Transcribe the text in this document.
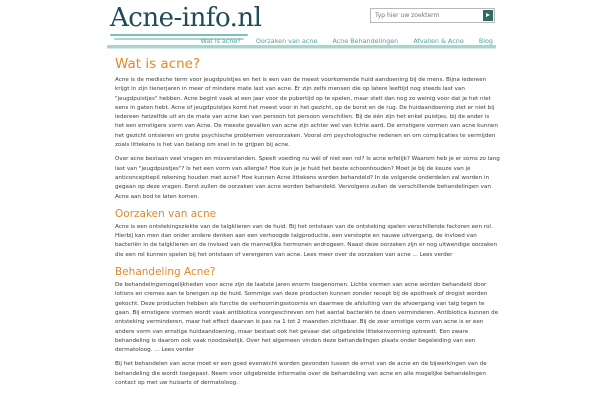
Acne-info.nl
Typ hier uw zoekterm
Wat is acne? Oorzaken van acne Acne Behandelingen Afvallen & Acne Blog
Wat is acne?

Acne is de medische term voor jeugdpuistjes en het is een van de meest voorkomende huid aandoening bij de mens. Bijna iedereen krijgt in zijn tienerjaren in meer of mindere mate last van acne. Er zijn zelfs mensen die op latere leeftijd nog steeds last van "jeugdpuistjes" hebben. Acne begint vaak al een jaar voor de pubertijd op te spelen, maar stelt dan nog zo weinig voor dat je het niet eens in gaten hebt. Acne of jeugdpuistjes komt het meest voor in het gezicht, op de borst en de rug. De huidaandoening ziet er niet bij iedereen hetzelfde uit en de mate van acne kan van persoon tot persoon verschillen. Bij de één zijn het enkel puistjes, bij de ander is het een ernstigere vorm van Acne. De meeste gevallen van acne zijn achter wel van lichte aard. De ernstigere vormen van acne kunnen het gezicht ontsieren en grote psychische problemen veroorzaken. Vooral om psychologische redenen en om complicaties te vermijden zoals littekens is het van belang om snel in te grijpen bij acne.

Over acne bestaan veel vragen en misverstanden. Speelt voeding nu wél of niet een rol? Is acne erfelijk? Waarom heb je er soms zo lang last van "jeugdpuistjes"? Is het een vorm van allergie? Hoe kun je je huid het beste schoonhouden? Moet je bij de keuze van je anticonceptiepil rekening houden met acne? Hoe kunnen Acne littekens worden behandeld? In de volgende onderdelen zal worden in gegaan op deze vragen. Eerst zullen de oorzaken van acne worden behandeld. Vervolgens zullen de verschillende behandelingen van Acne aan bod te laten komen.

Oorzaken van acne

Acne is een ontstekingsziekte van de talgklieren van de huid. Bij het ontstaan van de ontsteking spelen verschillende factoren een rol. Hierbij kan men dan onder andere denken aan een verhoogde talgproductie, een verstopte en nauwe uitvergang, de invloed van bacteriën in de talgklieren en de invloed van de mannelijke hormonen androgeen. Naast deze oorzaken zijn er nog uitwendige oorzaken die een rol kunnen spelen bij het ontstaan of verergeren van acne. Lees meer over de oorzaken van acne ... Lees verder

Behandeling Acne?

De behandelingsmogelijkheden voor acne zijn de laatste jaren enorm toegenomen. Lichte vormen van acne worden behandeld door lotions en cremes aan te brengen op de huid. Sommige van deze producten kunnen zonder recept bij de apotheek of drogist worden gekocht. Deze producten hebben als functie de verhoorningsstoornis en daarmee de afsluiting van de afvoergang van talg tegen te gaan. Bij ernstigere vormen wordt vaak antibiotica voorgeschreven om het aantal bacteriën te doen verminderen. Antibiotica kunnen de ontsteking verminderen, maar het effect daarvan is pas na 1 tot 2 maanden zichtbaar. Bij de zeer ernstige vorm van acne is er een andere vorm van ernstige huidaandoening, maar bestaat ook het gevaar dat uitgebreide littekenvorming optreedt. Een zware behandeling is daarom ook vaak noodzakelijk. Over het algemeen vinden deze behandelingen plaats onder begeleiding van een dermatoloog. ... Lees verder

Bij het behandelen van acne moet er een goed evenwicht worden gevonden tussen de ernst van de acne en de bijwerkingen van de behandeling die wordt toegepast. Neem voor uitgebreide informatie over de behandeling van acne en alle mogelijke behandelingen contact op met uw huisarts of dermatoloog.
